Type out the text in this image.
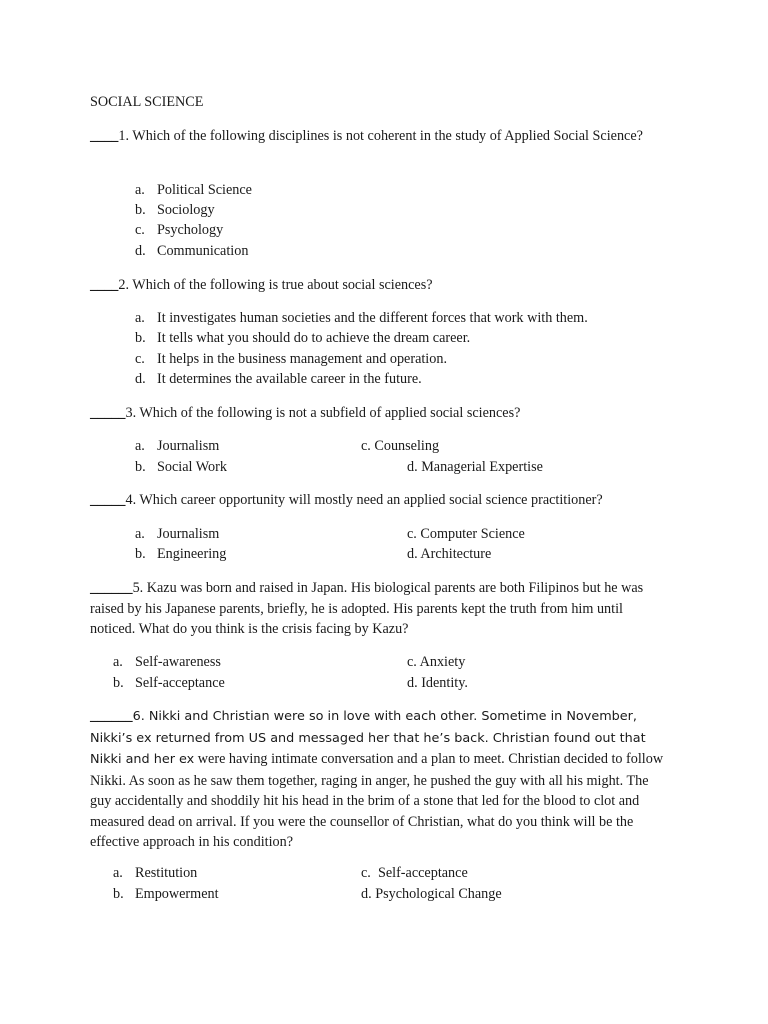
SOCIAL SCIENCE
____1. Which of the following disciplines is not coherent in the study of Applied Social Science?
a. Political Science
b. Sociology
c. Psychology
d. Communication
____2. Which of the following is true about social sciences?
a. It investigates human societies and the different forces that work with them.
b. It tells what you should do to achieve the dream career.
c. It helps in the business management and operation.
d. It determines the available career in the future.
_____3. Which of the following is not a subfield of applied social sciences?
a. Journalism
b. Social Work
c. Counseling
d. Managerial Expertise
_____4. Which career opportunity will mostly need an applied social science practitioner?
a. Journalism
b. Engineering
c. Computer Science
d. Architecture
______5. Kazu was born and raised in Japan. His biological parents are both Filipinos but he was raised by his Japanese parents, briefly, he is adopted. His parents kept the truth from him until noticed. What do you think is the crisis facing by Kazu?
a. Self-awareness
b. Self-acceptance
c. Anxiety
d. Identity.
______6. Nikki and Christian were so in love with each other. Sometime in November, Nikki’s ex returned from US and messaged her that he’s back. Christian found out that Nikki and her ex were having intimate conversation and a plan to meet. Christian decided to follow Nikki. As soon as he saw them together, raging in anger, he pushed the guy with all his might. The guy accidentally and shoddily hit his head in the brim of a stone that led for the blood to clot and measured dead on arrival. If you were the counsellor of Christian, what do you think will be the effective approach in his condition?
a. Restitution
b. Empowerment
c. Self-acceptance
d. Psychological Change
